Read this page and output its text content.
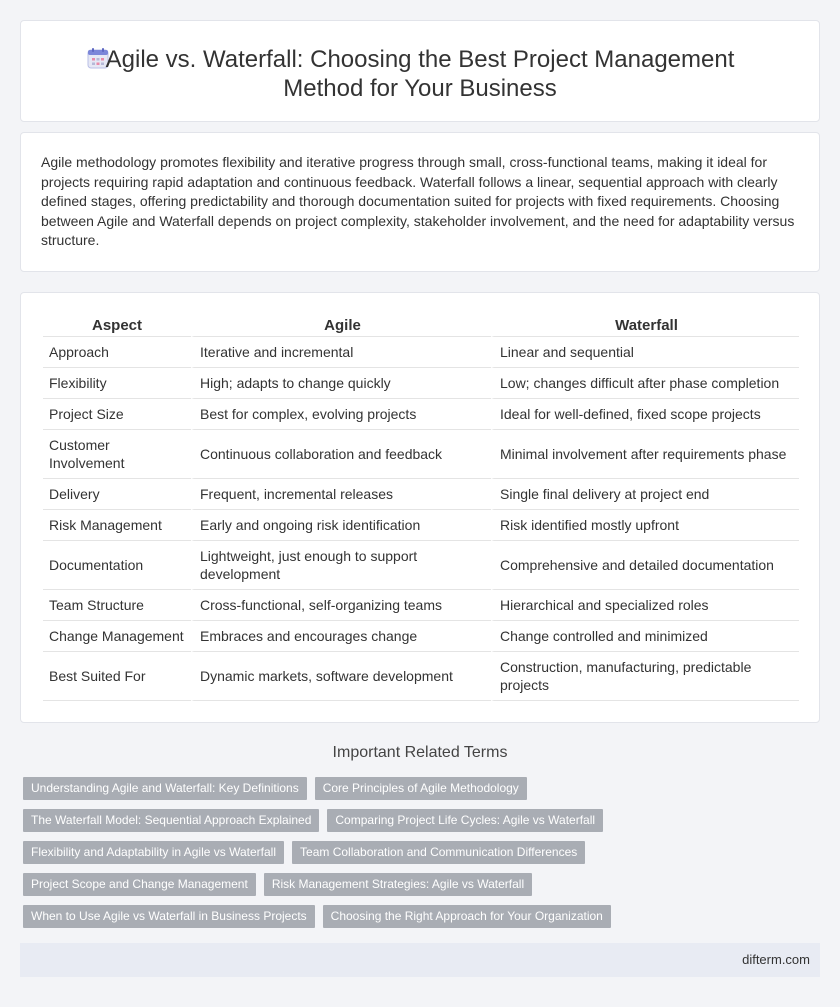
Agile vs. Waterfall: Choosing the Best Project Management
Method for Your Business

Agile methodology promotes flexibility and iterative progress through small, cross-functional teams, making it ideal for projects requiring rapid adaptation and continuous feedback. Waterfall follows a linear, sequential approach with clearly defined stages, offering predictability and thorough documentation suited for projects with fixed requirements. Choosing between Agile and Waterfall depends on project complexity, stakeholder involvement, and the need for adaptability versus structure.

Aspect	Agile	Waterfall
Approach	Iterative and incremental	Linear and sequential
Flexibility	High; adapts to change quickly	Low; changes difficult after phase completion
Project Size	Best for complex, evolving projects	Ideal for well-defined, fixed scope projects
Customer Involvement	Continuous collaboration and feedback	Minimal involvement after requirements phase
Delivery	Frequent, incremental releases	Single final delivery at project end
Risk Management	Early and ongoing risk identification	Risk identified mostly upfront
Documentation	Lightweight, just enough to support development	Comprehensive and detailed documentation
Team Structure	Cross-functional, self-organizing teams	Hierarchical and specialized roles
Change Management	Embraces and encourages change	Change controlled and minimized
Best Suited For	Dynamic markets, software development	Construction, manufacturing, predictable projects
Important Related Terms
Understanding Agile and Waterfall: Key Definitions Core Principles of Agile Methodology
The Waterfall Model: Sequential Approach Explained Comparing Project Life Cycles: Agile vs Waterfall
Flexibility and Adaptability in Agile vs Waterfall Team Collaboration and Communication Differences
Project Scope and Change Management Risk Management Strategies: Agile vs Waterfall
When to Use Agile vs Waterfall in Business Projects Choosing the Right Approach for Your Organization
difterm.com
